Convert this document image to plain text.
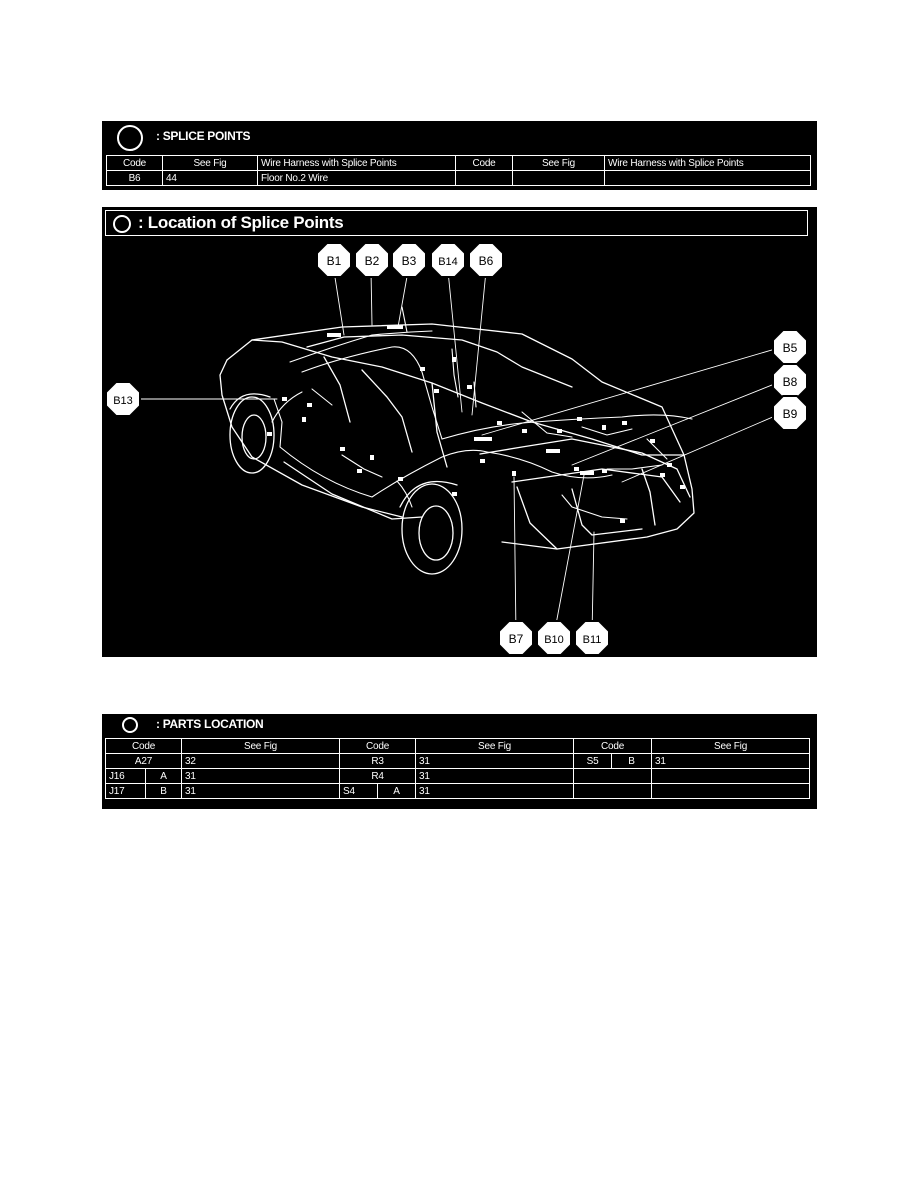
: SPLICE POINTS
Code	See Fig	Wire Harness with Splice Points	Code	See Fig	Wire Harness with Splice Points
B6	44	Floor No.2 Wire			
: Location of Splice Points
B1 B2 B3 B14 B6
B5
B8
B9
B13
B7 B10 B11
: PARTS LOCATION
Code		See Fig	Code		See Fig	Code		See Fig
A27		32	R3		31	S5	B	31
J16	A	31	R4		31			
J17	B	31	S4	A	31			
